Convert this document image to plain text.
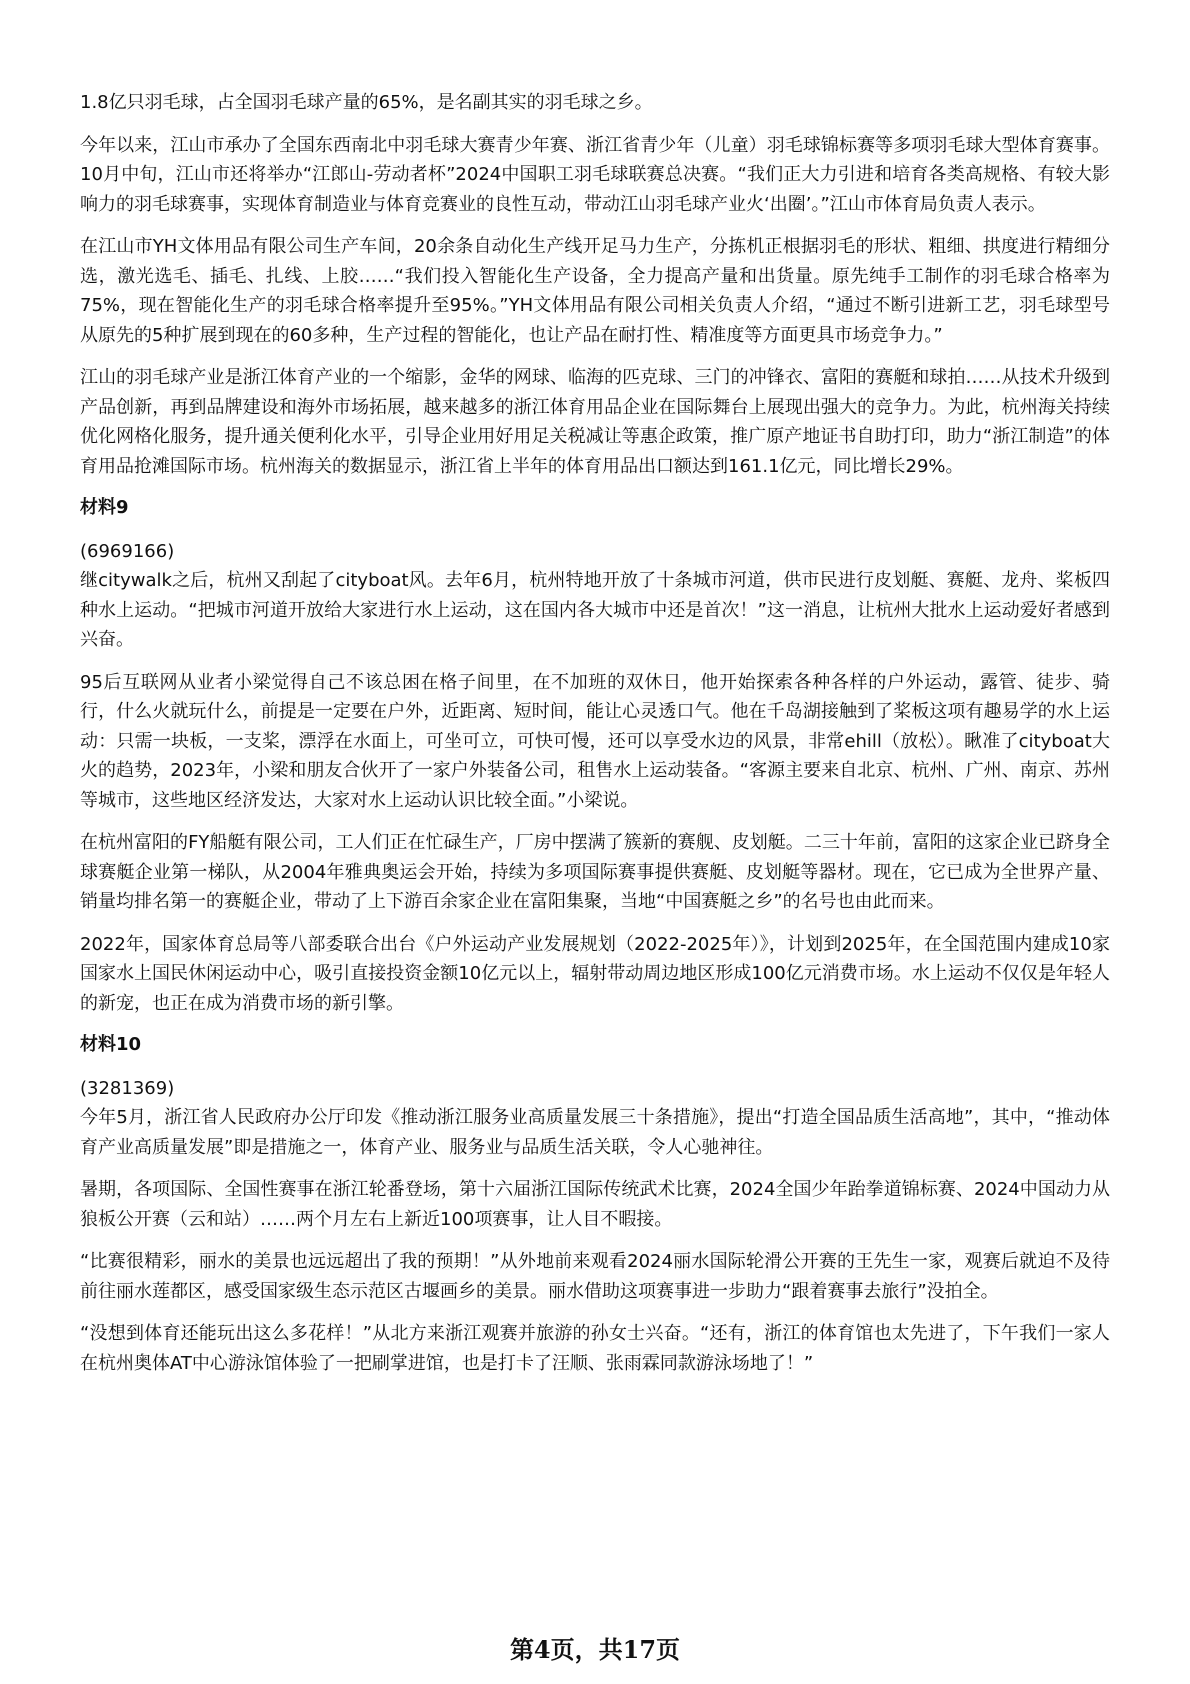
1.8亿只羽毛球，占全国羽毛球产量的65%，是名副其实的羽毛球之乡。

今年以来，江山市承办了全国东西南北中羽毛球大赛青少年赛、浙江省青少年（儿童）羽毛球锦标赛等多项羽毛球大型体育赛事。10月中旬，江山市还将举办“江郎山-劳动者杯”2024中国职工羽毛球联赛总决赛。“我们正大力引进和培育各类高规格、有较大影响力的羽毛球赛事，实现体育制造业与体育竞赛业的良性互动，带动江山羽毛球产业火‘出圈’。”江山市体育局负责人表示。

在江山市YH文体用品有限公司生产车间，20余条自动化生产线开足马力生产，分拣机正根据羽毛的形状、粗细、拱度进行精细分选，激光选毛、插毛、扎线、上胶……“我们投入智能化生产设备，全力提高产量和出货量。原先纯手工制作的羽毛球合格率为75%，现在智能化生产的羽毛球合格率提升至95%。”YH文体用品有限公司相关负责人介绍，“通过不断引进新工艺，羽毛球型号从原先的5种扩展到现在的60多种，生产过程的智能化，也让产品在耐打性、精准度等方面更具市场竞争力。”

江山的羽毛球产业是浙江体育产业的一个缩影，金华的网球、临海的匹克球、三门的冲锋衣、富阳的赛艇和球拍……从技术升级到产品创新，再到品牌建设和海外市场拓展，越来越多的浙江体育用品企业在国际舞台上展现出强大的竞争力。为此，杭州海关持续优化网格化服务，提升通关便利化水平，引导企业用好用足关税减让等惠企政策，推广原产地证书自助打印，助力“浙江制造”的体育用品抢滩国际市场。杭州海关的数据显示，浙江省上半年的体育用品出口额达到161.1亿元，同比增长29%。

材料9
(6969166)

继citywalk之后，杭州又刮起了cityboat风。去年6月，杭州特地开放了十条城市河道，供市民进行皮划艇、赛艇、龙舟、桨板四种水上运动。“把城市河道开放给大家进行水上运动，这在国内各大城市中还是首次！”这一消息，让杭州大批水上运动爱好者感到兴奋。

95后互联网从业者小梁觉得自己不该总困在格子间里，在不加班的双休日，他开始探索各种各样的户外运动，露管、徒步、骑行，什么火就玩什么，前提是一定要在户外，近距离、短时间，能让心灵透口气。他在千岛湖接触到了桨板这项有趣易学的水上运动：只需一块板，一支桨，漂浮在水面上，可坐可立，可快可慢，还可以享受水边的风景，非常ehill（放松）。瞅准了cityboat大火的趋势，2023年，小梁和朋友合伙开了一家户外装备公司，租售水上运动装备。“客源主要来自北京、杭州、广州、南京、苏州等城市，这些地区经济发达，大家对水上运动认识比较全面。”小梁说。

在杭州富阳的FY船艇有限公司，工人们正在忙碌生产，厂房中摆满了簇新的赛舰、皮划艇。二三十年前，富阳的这家企业已跻身全球赛艇企业第一梯队，从2004年雅典奥运会开始，持续为多项国际赛事提供赛艇、皮划艇等器材。现在，它已成为全世界产量、销量均排名第一的赛艇企业，带动了上下游百余家企业在富阳集聚，当地“中国赛艇之乡”的名号也由此而来。

2022年，国家体育总局等八部委联合出台《户外运动产业发展规划（2022-2025年）》，计划到2025年，在全国范围内建成10家国家水上国民休闲运动中心，吸引直接投资金额10亿元以上，辐射带动周边地区形成100亿元消费市场。水上运动不仅仅是年轻人的新宠，也正在成为消费市场的新引擎。

材料10
(3281369)

今年5月，浙江省人民政府办公厅印发《推动浙江服务业高质量发展三十条措施》，提出“打造全国品质生活高地”，其中，“推动体育产业高质量发展”即是措施之一，体育产业、服务业与品质生活关联，令人心驰神往。

暑期，各项国际、全国性赛事在浙江轮番登场，第十六届浙江国际传统武术比赛，2024全国少年跆拳道锦标赛、2024中国动力从狼板公开赛（云和站）……两个月左右上新近100项赛事，让人目不暇接。

“比赛很精彩，丽水的美景也远远超出了我的预期！”从外地前来观看2024丽水国际轮滑公开赛的王先生一家，观赛后就迫不及待前往丽水莲都区，感受国家级生态示范区古堰画乡的美景。丽水借助这项赛事进一步助力“跟着赛事去旅行”没拍全。

“没想到体育还能玩出这么多花样！”从北方来浙江观赛并旅游的孙女士兴奋。“还有，浙江的体育馆也太先进了，下午我们一家人在杭州奥体AT中心游泳馆体验了一把刷掌进馆，也是打卡了汪顺、张雨霖同款游泳场地了！”

第4页，共17页
